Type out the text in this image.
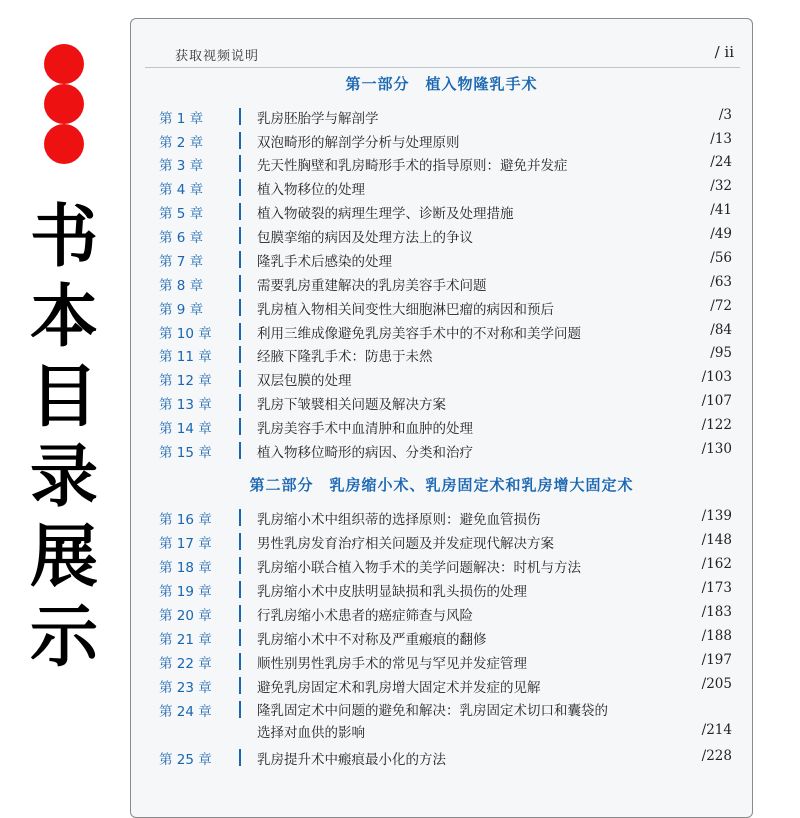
书
本
目
录
展
示
获取视频说明	/ ii
第一部分　植入物隆乳手术
第 1 章	乳房胚胎学与解剖学	/3
第 2 章	双泡畸形的解剖学分析与处理原则	/13
第 3 章	先天性胸壁和乳房畸形手术的指导原则：避免并发症	/24
第 4 章	植入物移位的处理	/32
第 5 章	植入物破裂的病理生理学、诊断及处理措施	/41
第 6 章	包膜挛缩的病因及处理方法上的争议	/49
第 7 章	隆乳手术后感染的处理	/56
第 8 章	需要乳房重建解决的乳房美容手术问题	/63
第 9 章	乳房植入物相关间变性大细胞淋巴瘤的病因和预后	/72
第 10 章	利用三维成像避免乳房美容手术中的不对称和美学问题	/84
第 11 章	经腋下隆乳手术：防患于未然	/95
第 12 章	双层包膜的处理	/103
第 13 章	乳房下皱襞相关问题及解决方案	/107
第 14 章	乳房美容手术中血清肿和血肿的处理	/122
第 15 章	植入物移位畸形的病因、分类和治疗	/130
第二部分　乳房缩小术、乳房固定术和乳房增大固定术
第 16 章	乳房缩小术中组织蒂的选择原则：避免血管损伤	/139
第 17 章	男性乳房发育治疗相关问题及并发症现代解决方案	/148
第 18 章	乳房缩小联合植入物手术的美学问题解决：时机与方法	/162
第 19 章	乳房缩小术中皮肤明显缺损和乳头损伤的处理	/173
第 20 章	行乳房缩小术患者的癌症筛查与风险	/183
第 21 章	乳房缩小术中不对称及严重瘢痕的翻修	/188
第 22 章	顺性别男性乳房手术的常见与罕见并发症管理	/197
第 23 章	避免乳房固定术和乳房增大固定术并发症的见解	/205
第 24 章	隆乳固定术中问题的避免和解决：乳房固定术切口和囊袋的
选择对血供的影响	/214
第 25 章	乳房提升术中瘢痕最小化的方法	/228
